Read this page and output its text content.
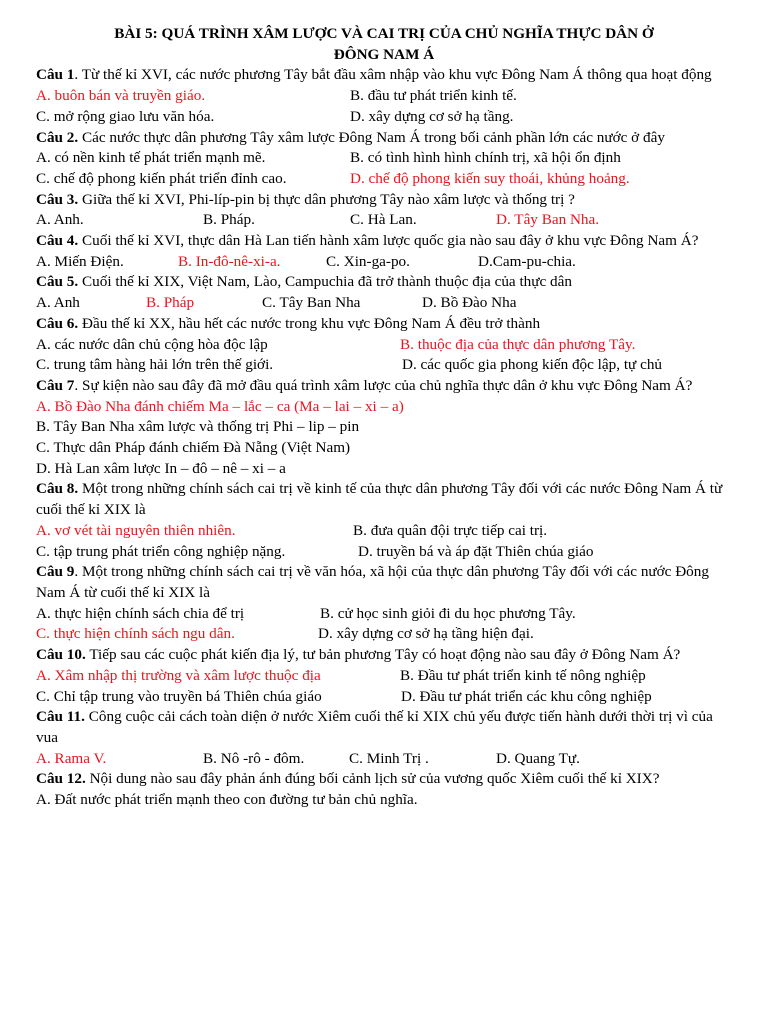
BÀI 5: QUÁ TRÌNH XÂM LƯỢC VÀ CAI TRỊ CỦA CHỦ NGHĨA THỰC DÂN Ở
ĐÔNG NAM Á
Câu 1. Từ thế kỉ XVI, các nước phương Tây bắt đầu xâm nhập vào khu vực Đông Nam Á thông qua hoạt động
A. buôn bán và truyền giáo.	B. đầu tư phát triển kinh tế.
C. mở rộng giao lưu văn hóa.	D. xây dựng cơ sở hạ tầng.
Câu 2. Các nước thực dân phương Tây xâm lược Đông Nam Á trong bối cảnh phần lớn các nước ở đây
A. có nền kinh tế phát triển mạnh mẽ.	B. có tình hình hình chính trị, xã hội ổn định
C. chế độ phong kiến phát triển đỉnh cao.	D. chế độ phong kiến suy thoái, khủng hoảng.
Câu 3. Giữa thế kỉ XVI, Phi-líp-pin bị thực dân phương Tây nào xâm lược và thống trị ?
A. Anh.	B. Pháp.	C. Hà Lan.	D. Tây Ban Nha.
Câu 4. Cuối thế kỉ XVI, thực dân Hà Lan tiến hành xâm lược quốc gia nào sau đây ở khu vực Đông Nam Á?
A. Miến Điện.	B. In-đô-nê-xi-a.	C. Xin-ga-po.	D.Cam-pu-chia.
Câu 5. Cuối thế kỉ XIX, Việt Nam, Lào, Campuchia đã trở thành thuộc địa của thực dân
A. Anh	B. Pháp	C. Tây Ban Nha	D. Bồ Đào Nha
Câu 6. Đầu thế kỉ XX, hầu hết các nước trong khu vực Đông Nam Á đều trở thành
A. các nước dân chủ cộng hòa độc lập	B. thuộc địa của thực dân phương Tây.
C. trung tâm hàng hải lớn trên thế giới.	D. các quốc gia phong kiến độc lập, tự chủ
Câu 7. Sự kiện nào sau đây đã mở đầu quá trình xâm lược của chủ nghĩa thực dân ở khu vực Đông Nam Á?
A. Bồ Đào Nha đánh chiếm Ma – lắc – ca (Ma – lai – xi – a)
B. Tây Ban Nha xâm lược và thống trị Phi – lip – pin
C. Thực dân Pháp đánh chiếm Đà Nẵng (Việt Nam)
D. Hà Lan xâm lược In – đô – nê – xi – a
Câu 8. Một trong những chính sách cai trị về kinh tế của thực dân phương Tây đối với các nước Đông Nam Á từ cuối thế kỉ XIX là
A. vơ vét tài nguyên thiên nhiên.	B. đưa quân đội trực tiếp cai trị.
C. tập trung phát triển công nghiệp nặng.	D. truyền bá và áp đặt Thiên chúa giáo
Câu 9. Một trong những chính sách cai trị về văn hóa, xã hội của thực dân phương Tây đối với các nước Đông Nam Á từ cuối thế kỉ XIX là
A. thực hiện chính sách chia để trị	B. cử học sinh giỏi đi du học phương Tây.
C. thực hiện chính sách ngu dân.	D. xây dựng cơ sở hạ tầng hiện đại.
Câu 10. Tiếp sau các cuộc phát kiến địa lý, tư bản phương Tây có hoạt động nào sau đây ở Đông Nam Á?
A. Xâm nhập thị trường và xâm lược thuộc địa	B. Đầu tư phát triển kinh tế nông nghiệp
C. Chỉ tập trung vào truyền bá Thiên chúa giáo	D. Đầu tư phát triển các khu công nghiệp
Câu 11. Công cuộc cải cách toàn diện ở nước Xiêm cuối thế kỉ XIX chủ yếu được tiến hành dưới thời trị vì của vua
A. Rama V.	B. Nô -rô - đôm.	C. Minh Trị .	D. Quang Tự.
Câu 12. Nội dung nào sau đây phản ánh đúng bối cảnh lịch sử của vương quốc Xiêm cuối thế kỉ XIX?
A. Đất nước phát triển mạnh theo con đường tư bản chủ nghĩa.
